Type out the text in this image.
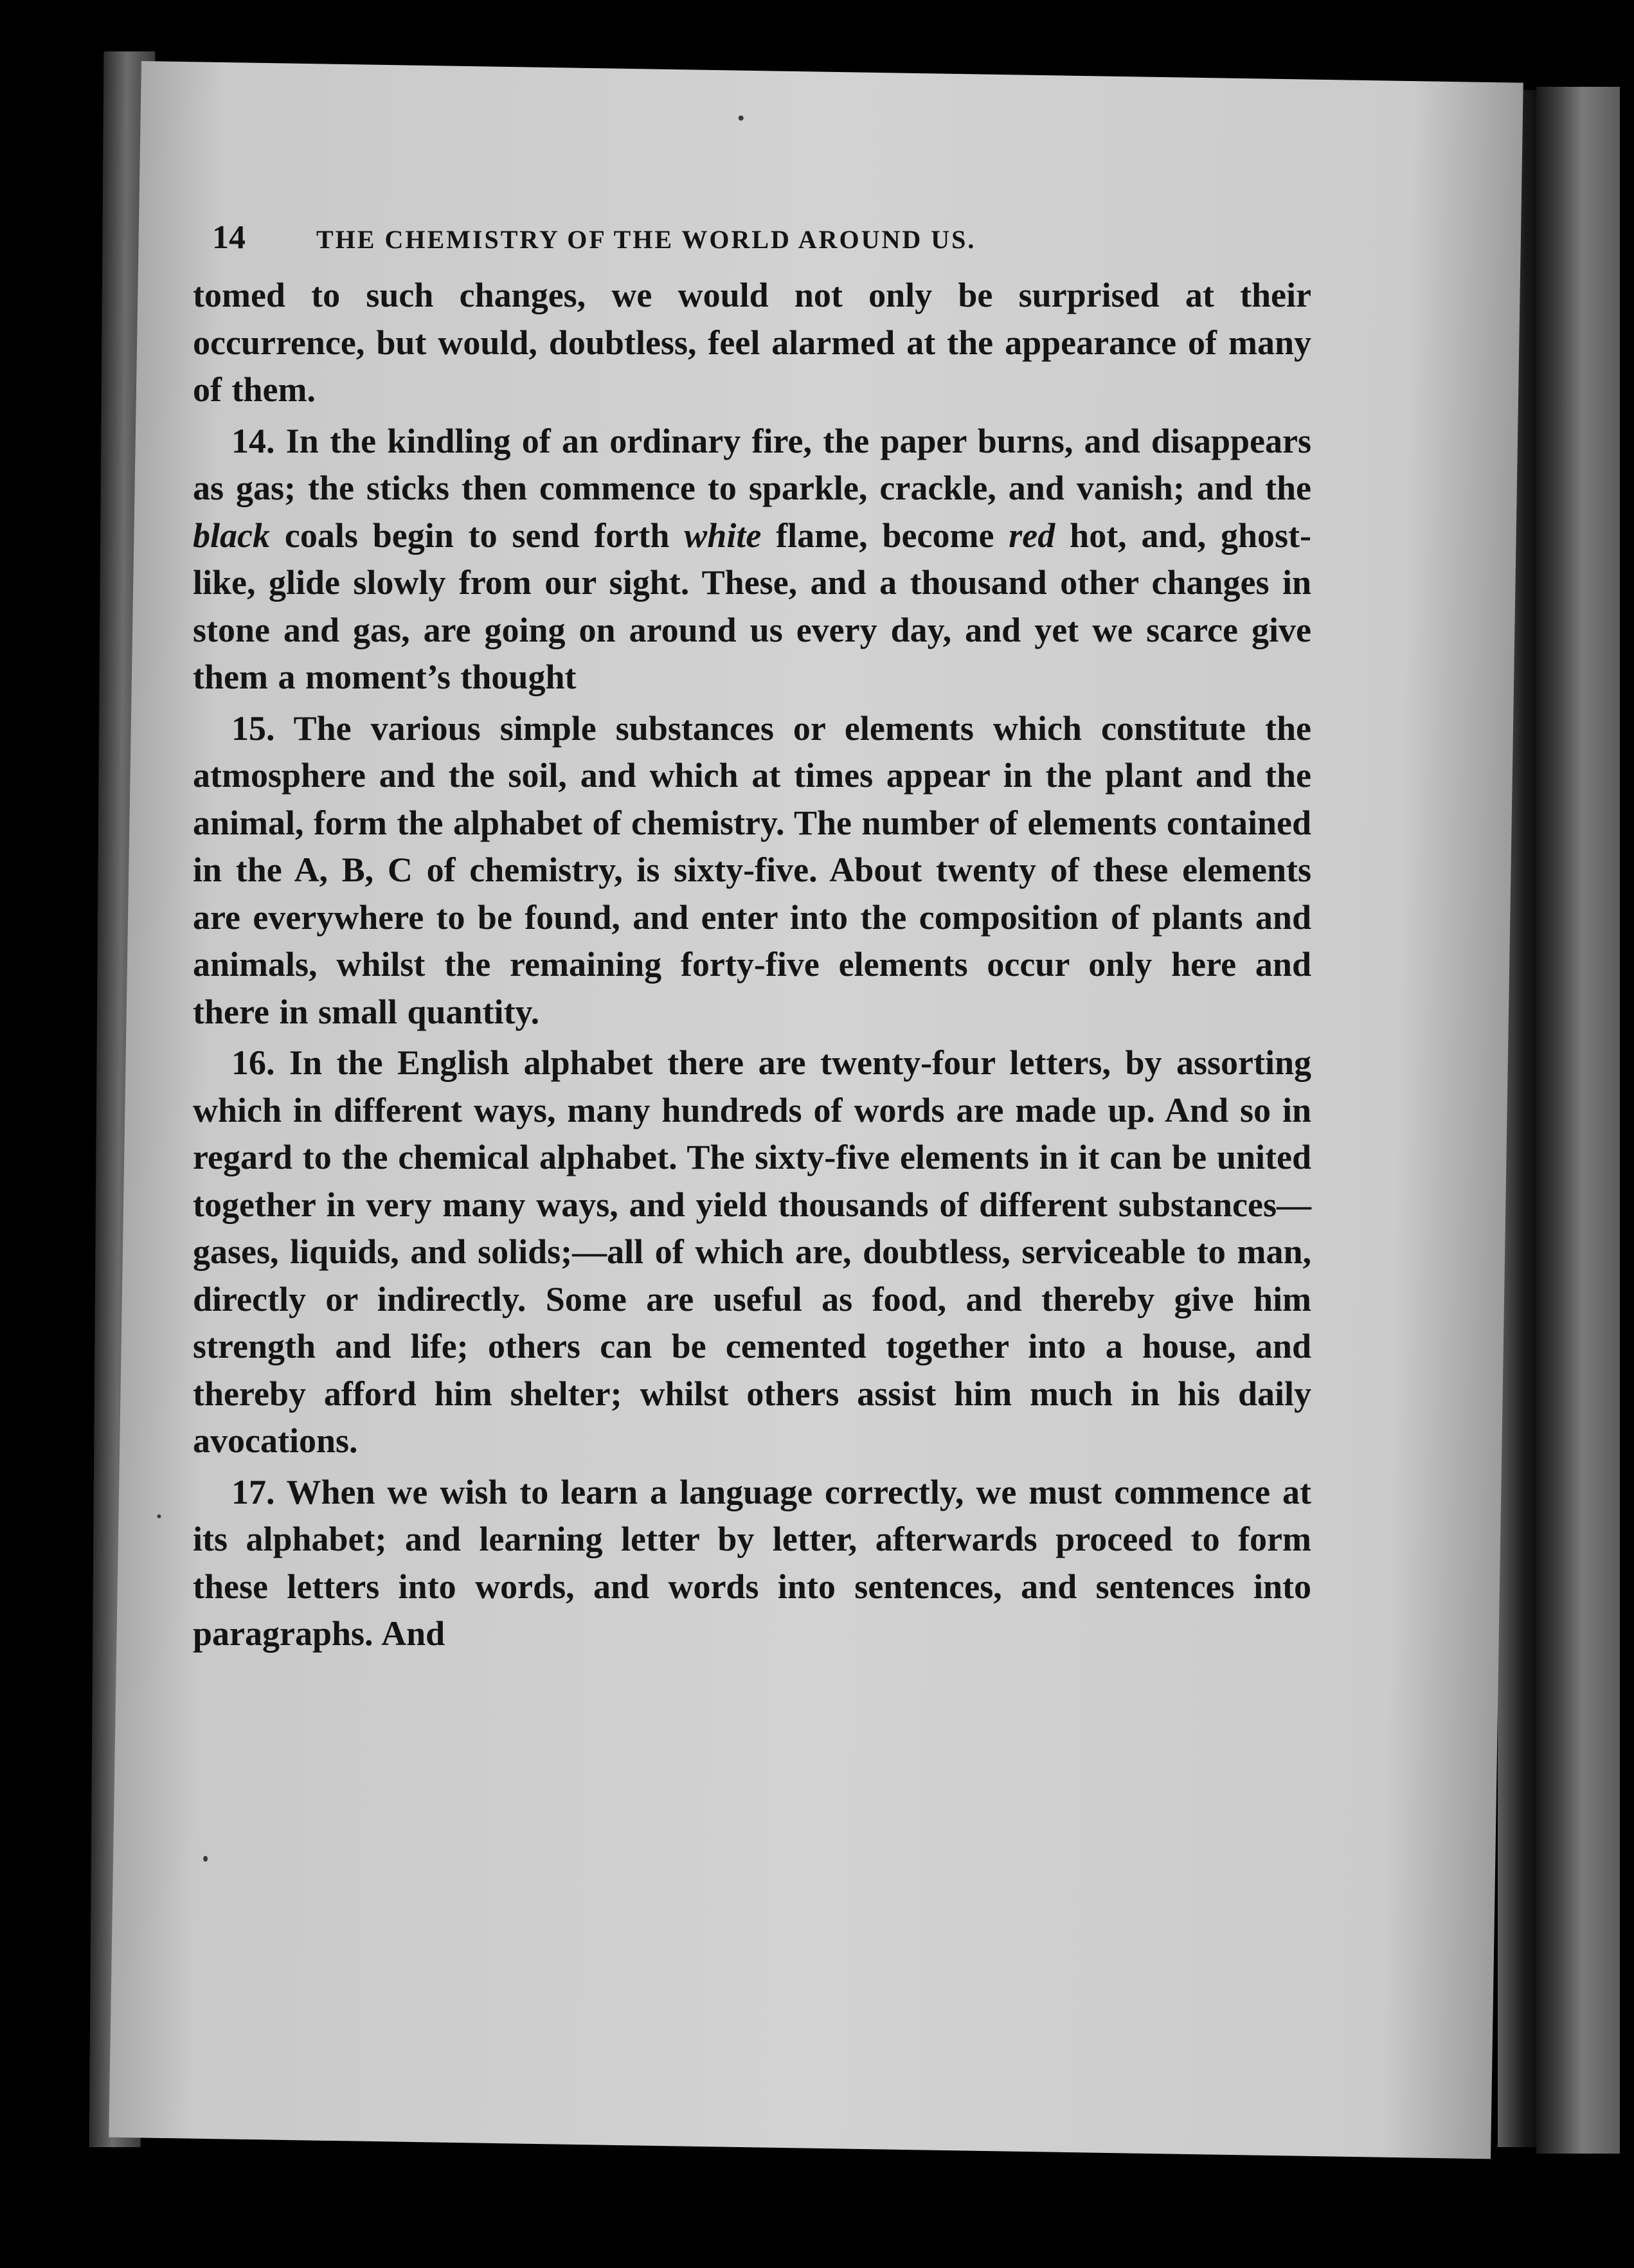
14	THE CHEMISTRY OF THE WORLD AROUND US.

tomed to such changes, we would not only be surprised at their occurrence, but would, doubtless, feel alarmed at the appearance of many of them.

14. In the kindling of an ordinary fire, the paper burns, and disappears as gas; the sticks then commence to sparkle, crackle, and vanish; and the black coals begin to send forth white flame, become red hot, and, ghost-like, glide slowly from our sight. These, and a thousand other changes in stone and gas, are going on around us every day, and yet we scarce give them a moment’s thought

15. The various simple substances or elements which constitute the atmosphere and the soil, and which at times appear in the plant and the animal, form the alphabet of chemistry. The number of elements contained in the A, B, C of chemistry, is sixty-five. About twenty of these elements are everywhere to be found, and enter into the composition of plants and animals, whilst the remaining forty-five elements occur only here and there in small quantity.

16. In the English alphabet there are twenty-four letters, by assorting which in different ways, many hundreds of words are made up. And so in regard to the chemical alphabet. The sixty-five elements in it can be united together in very many ways, and yield thousands of different substances—gases, liquids, and solids;—all of which are, doubtless, serviceable to man, directly or indirectly. Some are useful as food, and thereby give him strength and life; others can be cemented together into a house, and thereby afford him shelter; whilst others assist him much in his daily avocations.

17. When we wish to learn a language correctly, we must commence at its alphabet; and learning letter by letter, afterwards proceed to form these letters into words, and words into sentences, and sentences into paragraphs. And
